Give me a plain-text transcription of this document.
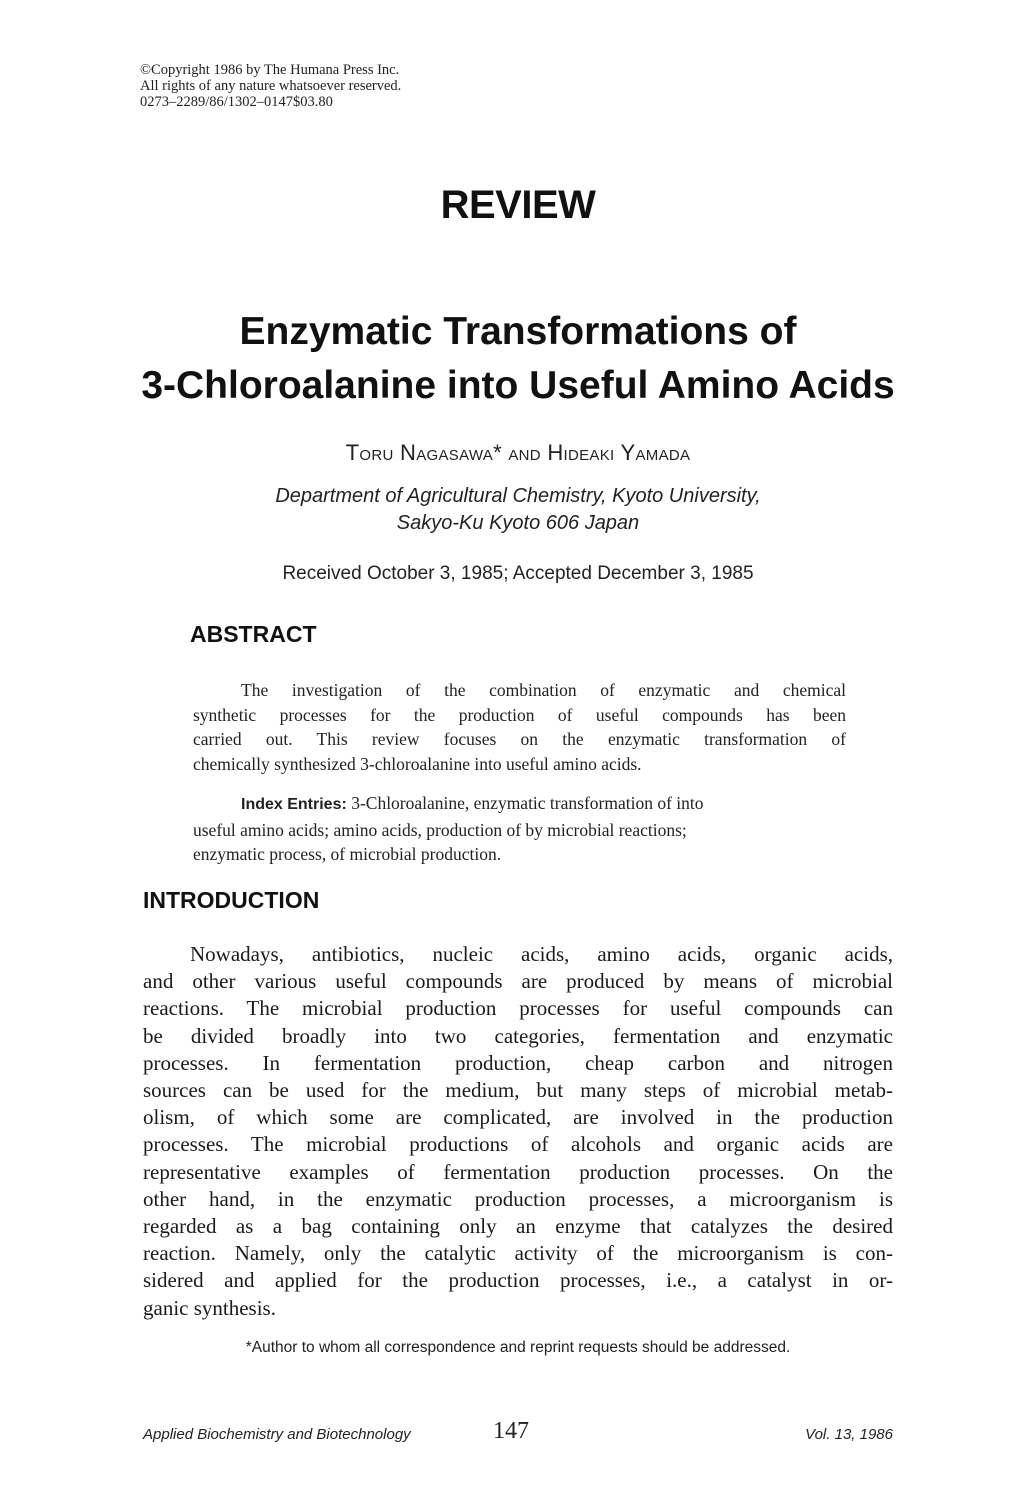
©Copyright 1986 by The Humana Press Inc.
All rights of any nature whatsoever reserved.
0273–2289/86/1302–0147$03.80
REVIEW
Enzymatic Transformations of
3-Chloroalanine into Useful Amino Acids
Toru Nagasawa* and Hideaki Yamada
Department of Agricultural Chemistry, Kyoto University,
Sakyo-Ku Kyoto 606 Japan
Received October 3, 1985; Accepted December 3, 1985
ABSTRACT
The investigation of the combination of enzymatic and chemical
synthetic processes for the production of useful compounds has been
carried out. This review focuses on the enzymatic transformation of
chemically synthesized 3-chloroalanine into useful amino acids.
Index Entries: 3-Chloroalanine, enzymatic transformation of into
useful amino acids; amino acids, production of by microbial reactions;
enzymatic process, of microbial production.
INTRODUCTION
Nowadays, antibiotics, nucleic acids, amino acids, organic acids,
and other various useful compounds are produced by means of microbial
reactions. The microbial production processes for useful compounds can
be divided broadly into two categories, fermentation and enzymatic
processes. In fermentation production, cheap carbon and nitrogen
sources can be used for the medium, but many steps of microbial metab-
olism, of which some are complicated, are involved in the production
processes. The microbial productions of alcohols and organic acids are
representative examples of fermentation production processes. On the
other hand, in the enzymatic production processes, a microorganism is
regarded as a bag containing only an enzyme that catalyzes the desired
reaction. Namely, only the catalytic activity of the microorganism is con-
sidered and applied for the production processes, i.e., a catalyst in or-
ganic synthesis.
*Author to whom all correspondence and reprint requests should be addressed.
Applied Biochemistry and Biotechnology	147	Vol. 13, 1986
